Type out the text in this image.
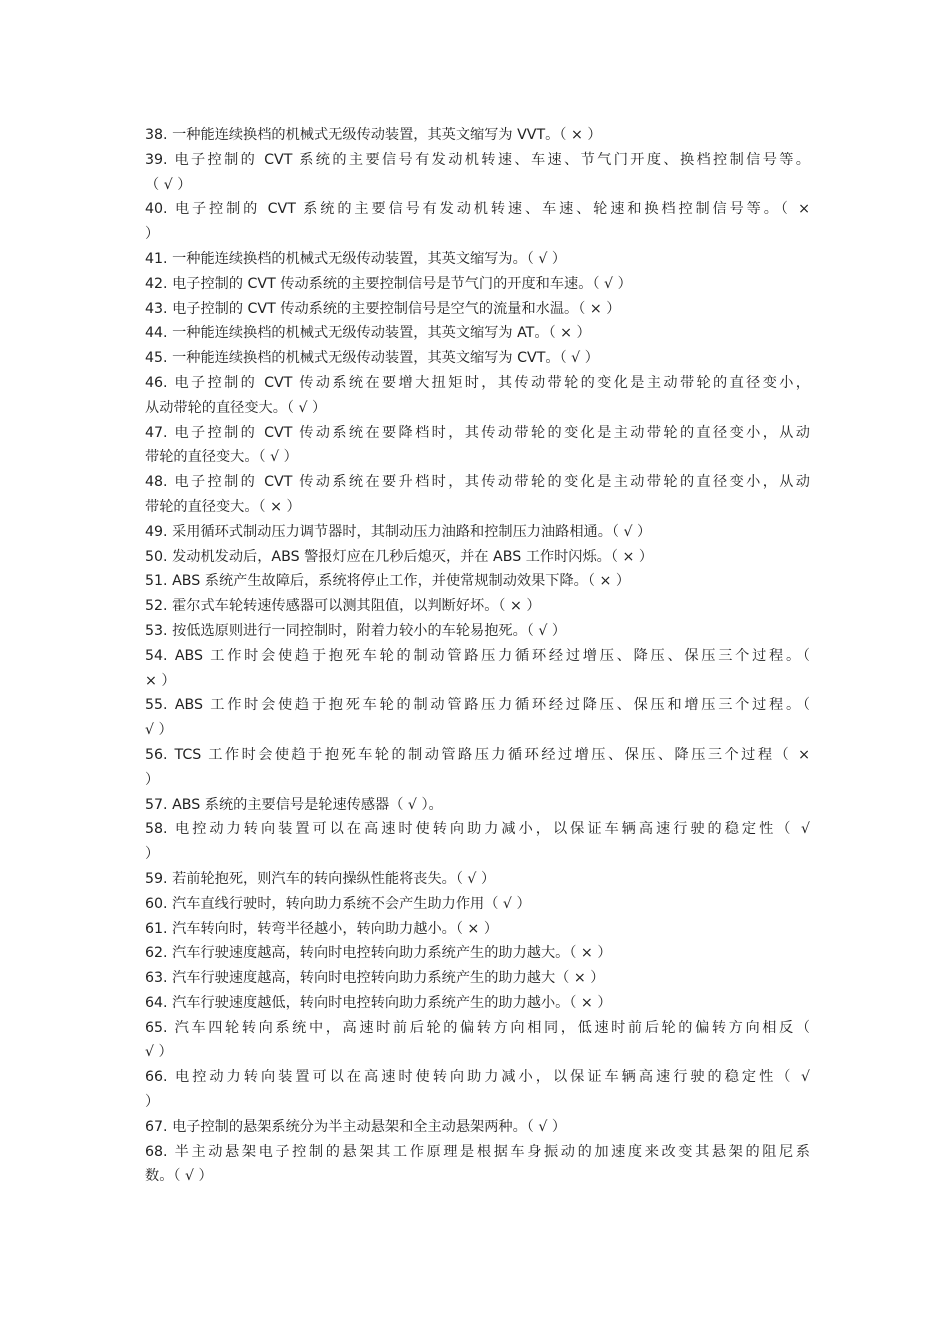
38. 一种能连续换档的机械式无级传动装置，其英文缩写为 VVT。（ × ）
39. 电子控制的 CVT 系统的主要信号有发动机转速、车速、节气门开度、换档控制信号等。
（ √ ）
40. 电子控制的 CVT 系统的主要信号有发动机转速、车速、轮速和换档控制信号等。（ ×
）
41. 一种能连续换档的机械式无级传动装置，其英文缩写为。（ √ ）
42. 电子控制的 CVT 传动系统的主要控制信号是节气门的开度和车速。（ √ ）
43. 电子控制的 CVT 传动系统的主要控制信号是空气的流量和水温。（ × ）
44. 一种能连续换档的机械式无级传动装置，其英文缩写为 AT。（ × ）
45. 一种能连续换档的机械式无级传动装置，其英文缩写为 CVT。（ √ ）
46. 电子控制的 CVT 传动系统在要增大扭矩时，其传动带轮的变化是主动带轮的直径变小，
从动带轮的直径变大。（ √ ）
47. 电子控制的 CVT 传动系统在要降档时，其传动带轮的变化是主动带轮的直径变小，从动
带轮的直径变大。（ √ ）
48. 电子控制的 CVT 传动系统在要升档时，其传动带轮的变化是主动带轮的直径变小，从动
带轮的直径变大。（ × ）
49. 采用循环式制动压力调节器时，其制动压力油路和控制压力油路相通。（ √ ）
50. 发动机发动后，ABS 警报灯应在几秒后熄灭，并在 ABS 工作时闪烁。（ × ）
51. ABS 系统产生故障后，系统将停止工作，并使常规制动效果下降。（ × ）
52. 霍尔式车轮转速传感器可以测其阻值，以判断好坏。（ × ）
53. 按低选原则进行一同控制时，附着力较小的车轮易抱死。（ √ ）
54. ABS 工作时会使趋于抱死车轮的制动管路压力循环经过增压、降压、保压三个过程。（
× ）
55. ABS 工作时会使趋于抱死车轮的制动管路压力循环经过降压、保压和增压三个过程。（
√ ）
56. TCS 工作时会使趋于抱死车轮的制动管路压力循环经过增压、保压、降压三个过程（ ×
）
57. ABS 系统的主要信号是轮速传感器（ √ ）。
58. 电控动力转向装置可以在高速时使转向助力减小，以保证车辆高速行驶的稳定性（ √
）
59. 若前轮抱死，则汽车的转向操纵性能将丧失。（ √ ）
60. 汽车直线行驶时，转向助力系统不会产生助力作用（ √ ）
61. 汽车转向时，转弯半径越小，转向助力越小。（ × ）
62. 汽车行驶速度越高，转向时电控转向助力系统产生的助力越大。（ × ）
63. 汽车行驶速度越高，转向时电控转向助力系统产生的助力越大（ × ）
64. 汽车行驶速度越低，转向时电控转向助力系统产生的助力越小。（ × ）
65. 汽车四轮转向系统中，高速时前后轮的偏转方向相同，低速时前后轮的偏转方向相反（
√ ）
66. 电控动力转向装置可以在高速时使转向助力减小，以保证车辆高速行驶的稳定性（ √
）
67. 电子控制的悬架系统分为半主动悬架和全主动悬架两种。（ √ ）
68. 半主动悬架电子控制的悬架其工作原理是根据车身振动的加速度来改变其悬架的阻尼系
数。（ √ ）
